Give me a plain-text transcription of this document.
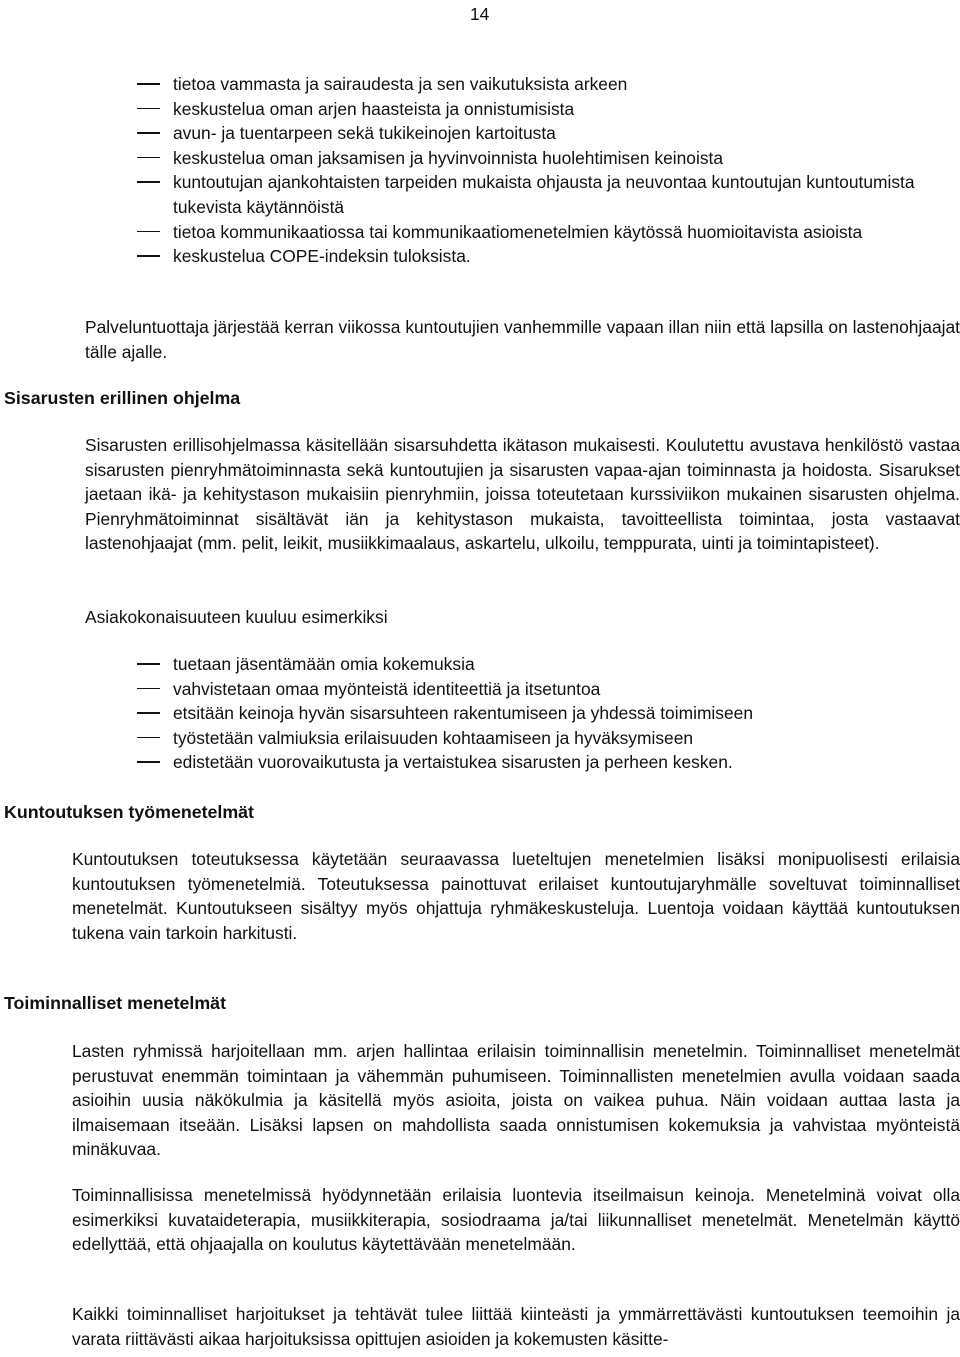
14
tietoa vammasta ja sairaudesta ja sen vaikutuksista arkeen
keskustelua oman arjen haasteista ja onnistumisista
avun- ja tuentarpeen sekä tukikeinojen kartoitusta
keskustelua oman jaksamisen ja hyvinvoinnista huolehtimisen keinoista
kuntoutujan ajankohtaisten tarpeiden mukaista ohjausta ja neuvontaa kuntoutujan kuntoutumista tukevista käytännöistä
tietoa kommunikaatiossa tai kommunikaatiomenetelmien käytössä huomioitavista asioista
keskustelua COPE-indeksin tuloksista.

Palveluntuottaja järjestää kerran viikossa kuntoutujien vanhemmille vapaan illan niin että lapsilla on lastenohjaajat tälle ajalle.

Sisarusten erillinen ohjelma

Sisarusten erillisohjelmassa käsitellään sisarsuhdetta ikätason mukaisesti. Koulutettu avustava henkilöstö vastaa sisarusten pienryhmätoiminnasta sekä kuntoutujien ja sisarusten vapaa-ajan toiminnasta ja hoidosta. Sisarukset jaetaan ikä- ja kehitystason mukaisiin pienryhmiin, joissa toteutetaan kurssiviikon mukainen sisarusten ohjelma. Pienryhmätoiminnat sisältävät iän ja kehitystason mukaista, tavoitteellista toimintaa, josta vastaavat lastenohjaajat (mm. pelit, leikit, musiikkimaalaus, askartelu, ulkoilu, temppurata, uinti ja toimintapisteet).

Asiakokonaisuuteen kuuluu esimerkiksi

tuetaan jäsentämään omia kokemuksia
vahvistetaan omaa myönteistä identiteettiä ja itsetuntoa
etsitään keinoja hyvän sisarsuhteen rakentumiseen ja yhdessä toimimiseen
työstetään valmiuksia erilaisuuden kohtaamiseen ja hyväksymiseen
edistetään vuorovaikutusta ja vertaistukea sisarusten ja perheen kesken.
Kuntoutuksen työmenetelmät

Kuntoutuksen toteutuksessa käytetään seuraavassa lueteltujen menetelmien lisäksi monipuolisesti erilaisia kuntoutuksen työmenetelmiä. Toteutuksessa painottuvat erilaiset kuntoutujaryhmälle soveltuvat toiminnalliset menetelmät. Kuntoutukseen sisältyy myös ohjattuja ryhmäkeskusteluja. Luentoja voidaan käyttää kuntoutuksen tukena vain tarkoin harkitusti.

Toiminnalliset menetelmät

Lasten ryhmissä harjoitellaan mm. arjen hallintaa erilaisin toiminnallisin menetelmin. Toiminnalliset menetelmät perustuvat enemmän toimintaan ja vähemmän puhumiseen. Toiminnallisten menetelmien avulla voidaan saada asioihin uusia näkökulmia ja käsitellä myös asioita, joista on vaikea puhua. Näin voidaan auttaa lasta ja ilmaisemaan itseään. Lisäksi lapsen on mahdollista saada onnistumisen kokemuksia ja vahvistaa myönteistä minäkuvaa.

Toiminnallisissa menetelmissä hyödynnetään erilaisia luontevia itseilmaisun keinoja. Menetelminä voivat olla esimerkiksi kuvataideterapia, musiikkiterapia, sosiodraama ja/tai liikunnalliset menetelmät. Menetelmän käyttö edellyttää, että ohjaajalla on koulutus käytettävään menetelmään.

Kaikki toiminnalliset harjoitukset ja tehtävät tulee liittää kiinteästi ja ymmärrettävästi kuntoutuksen teemoihin ja varata riittävästi aikaa harjoituksissa opittujen asioiden ja kokemusten käsitte-
